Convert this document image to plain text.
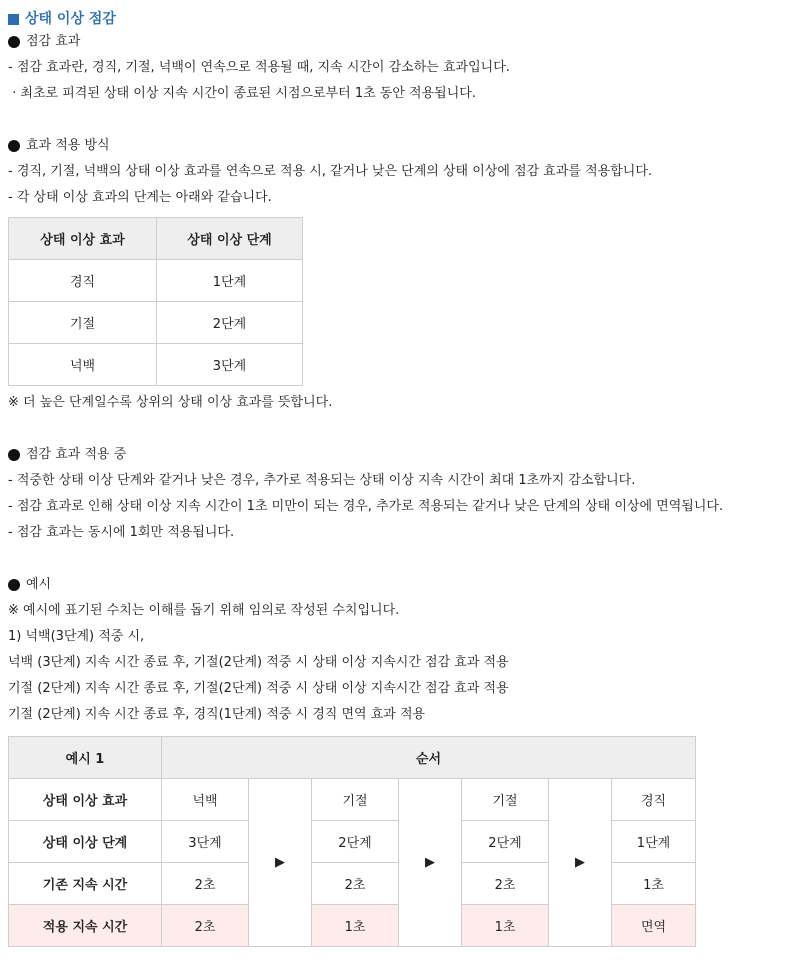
상태 이상 점감
점감 효과
- 점감 효과란, 경직, 기절, 넉백이 연속으로 적용될 때, 지속 시간이 감소하는 효과입니다.
· 최초로 피격된 상태 이상 지속 시간이 종료된 시점으로부터 1초 동안 적용됩니다.
효과 적용 방식
- 경직, 기절, 넉백의 상태 이상 효과를 연속으로 적용 시, 같거나 낮은 단계의 상태 이상에 점감 효과를 적용합니다.
- 각 상태 이상 효과의 단계는 아래와 같습니다.
상태 이상 효과	상태 이상 단계
경직	1단계
기절	2단계
넉백	3단계
※ 더 높은 단계일수록 상위의 상태 이상 효과를 뜻합니다.
점감 효과 적용 중
- 적중한 상태 이상 단계와 같거나 낮은 경우, 추가로 적용되는 상태 이상 지속 시간이 최대 1초까지 감소합니다.
- 점감 효과로 인해 상태 이상 지속 시간이 1초 미만이 되는 경우, 추가로 적용되는 같거나 낮은 단계의 상태 이상에 면역됩니다.
- 점감 효과는 동시에 1회만 적용됩니다.
예시
※ 예시에 표기된 수치는 이해를 돕기 위해 임의로 작성된 수치입니다.
1) 넉백(3단계) 적중 시,
넉백 (3단계) 지속 시간 종료 후, 기절(2단계) 적중 시 상태 이상 지속시간 점감 효과 적용
기절 (2단계) 지속 시간 종료 후, 기절(2단계) 적중 시 상태 이상 지속시간 점감 효과 적용
기절 (2단계) 지속 시간 종료 후, 경직(1단계) 적중 시 경직 면역 효과 적용
예시 1	순서						
상태 이상 효과	넉백	▶	기절	▶	기절	▶	경직
상태 이상 단계	3단계		2단계		2단계		1단계
기존 지속 시간	2초		2초		2초		1초
적용 지속 시간	2초		1초		1초		면역
